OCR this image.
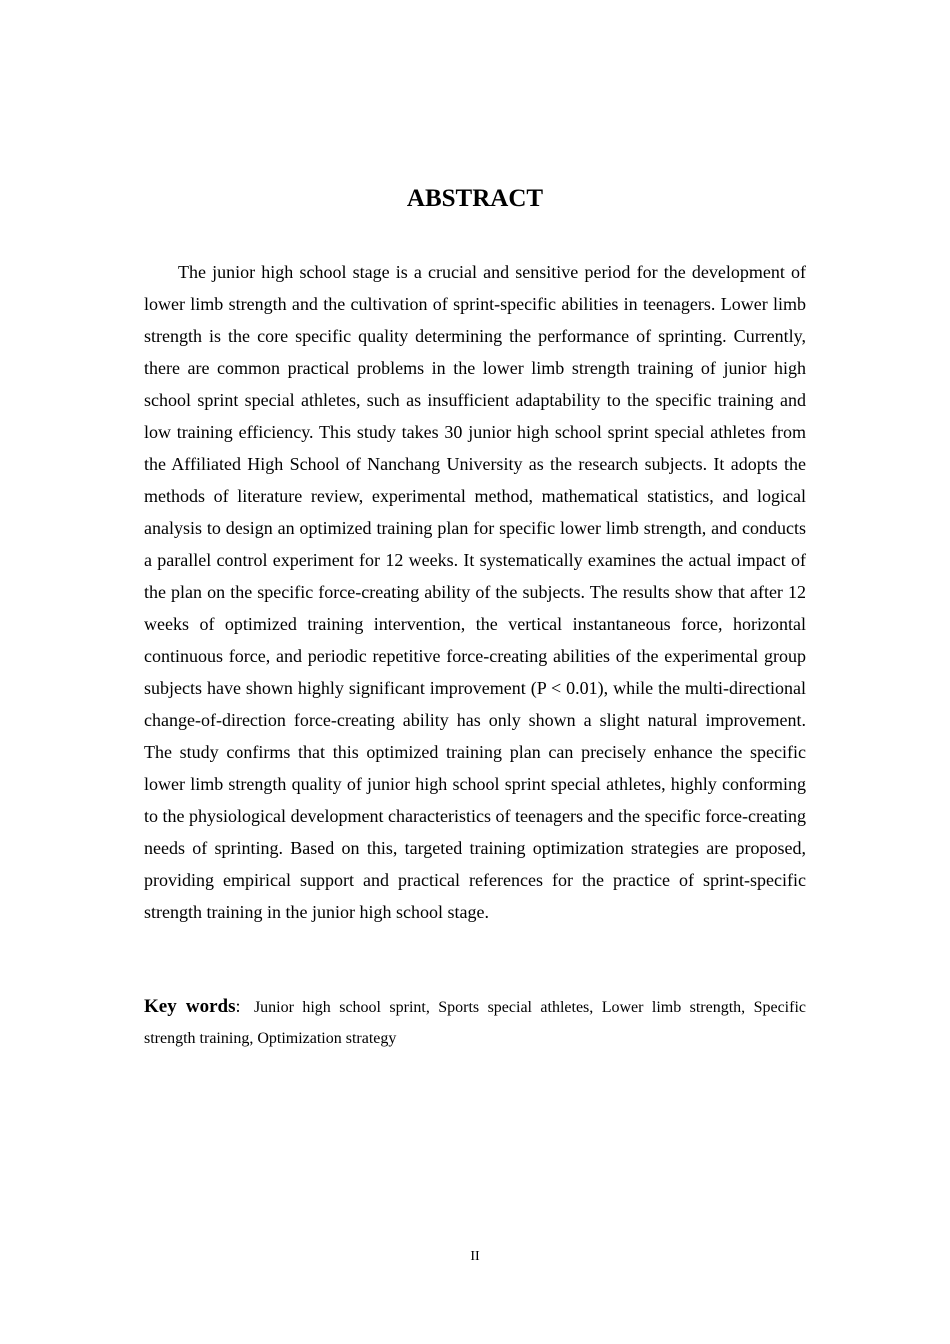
ABSTRACT

The junior high school stage is a crucial and sensitive period for the development of lower limb strength and the cultivation of sprint-specific abilities in teenagers. Lower limb strength is the core specific quality determining the performance of sprinting. Currently, there are common practical problems in the lower limb strength training of junior high school sprint special athletes, such as insufficient adaptability to the specific training and low training efficiency. This study takes 30 junior high school sprint special athletes from the Affiliated High School of Nanchang University as the research subjects. It adopts the methods of literature review, experimental method, mathematical statistics, and logical analysis to design an optimized training plan for specific lower limb strength, and conducts a parallel control experiment for 12 weeks. It systematically examines the actual impact of the plan on the specific force-creating ability of the subjects. The results show that after 12 weeks of optimized training intervention, the vertical instantaneous force, horizontal continuous force, and periodic repetitive force-creating abilities of the experimental group subjects have shown highly significant improvement (P < 0.01), while the multi-directional change-of-direction force-creating ability has only shown a slight natural improvement. The study confirms that this optimized training plan can precisely enhance the specific lower limb strength quality of junior high school sprint special athletes, highly conforming to the physiological development characteristics of teenagers and the specific force-creating needs of sprinting. Based on this, targeted training optimization strategies are proposed, providing empirical support and practical references for the practice of sprint-specific strength training in the junior high school stage.

Key words: Junior high school sprint, Sports special athletes, Lower limb strength, Specific strength training, Optimization strategy

II
